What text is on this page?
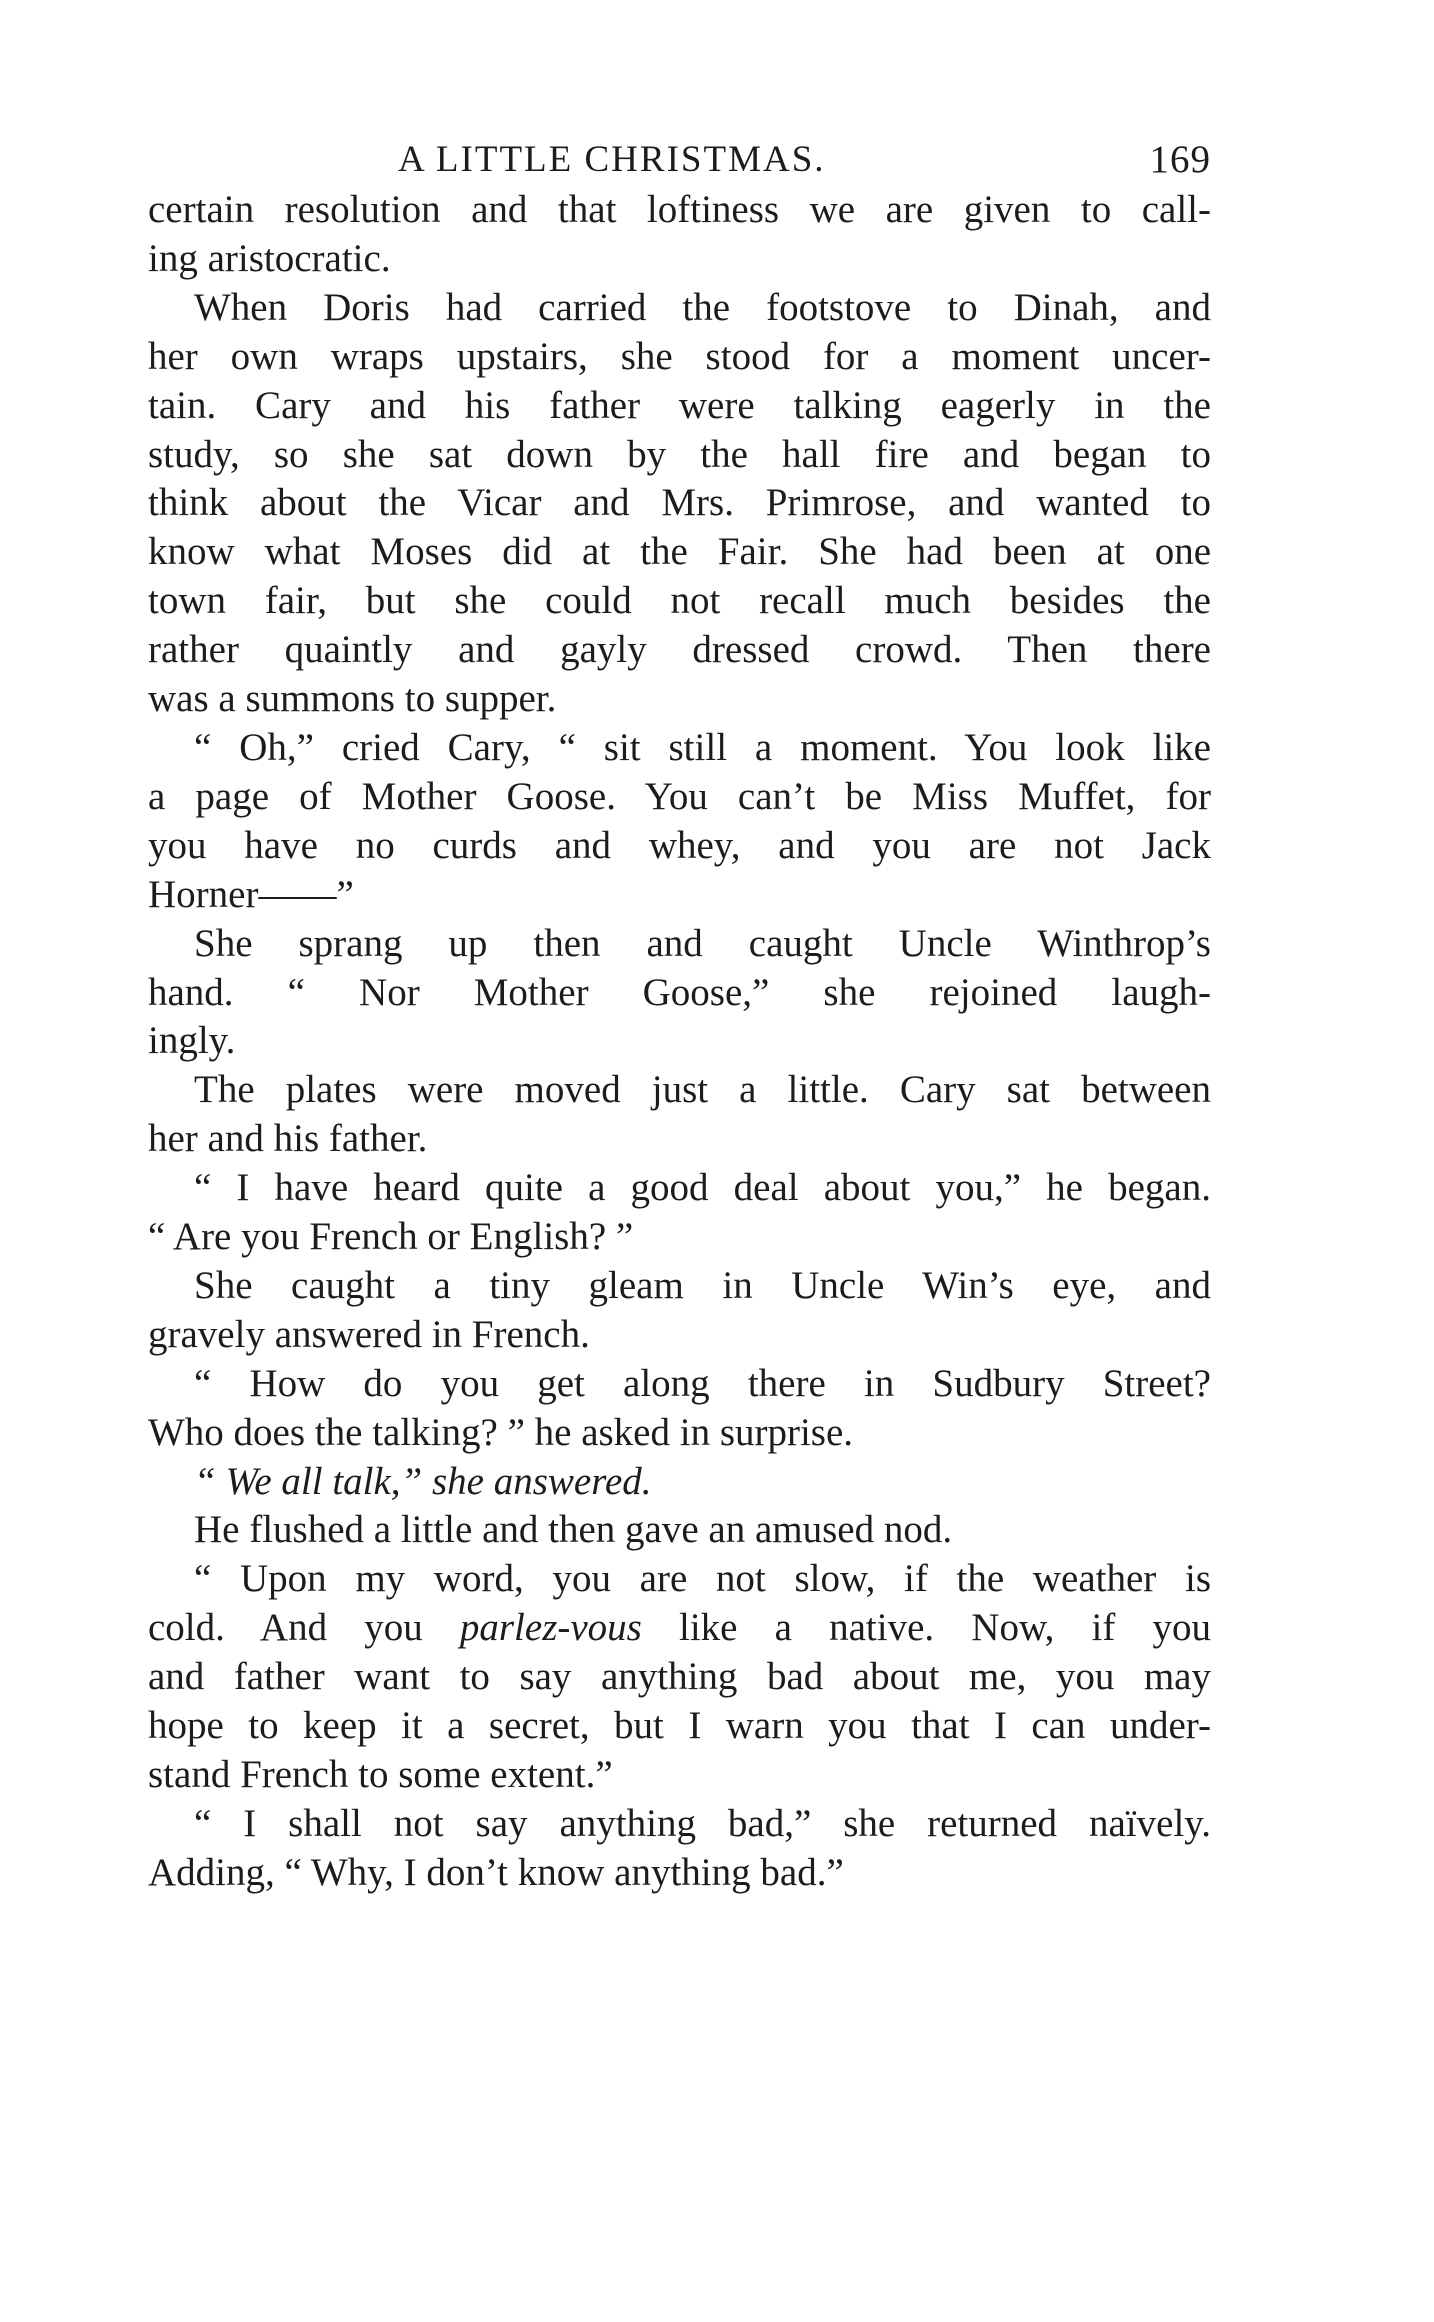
A LITTLE CHRISTMAS.	169
certain resolution and that loftiness we are given to call-
ing aristocratic.
When Doris had carried the footstove to Dinah, and
her own wraps upstairs, she stood for a moment uncer-
tain. Cary and his father were talking eagerly in the
study, so she sat down by the hall fire and began to
think about the Vicar and Mrs. Primrose, and wanted to
know what Moses did at the Fair. She had been at one
town fair, but she could not recall much besides the
rather quaintly and gayly dressed crowd. Then there
was a summons to supper.
“ Oh,” cried Cary, “ sit still a moment. You look like
a page of Mother Goose. You can’t be Miss Muffet, for
you have no curds and whey, and you are not Jack
Horner——”
She sprang up then and caught Uncle Winthrop’s
hand. “ Nor Mother Goose,” she rejoined laugh-
ingly.
The plates were moved just a little. Cary sat between
her and his father.
“ I have heard quite a good deal about you,” he began.
“ Are you French or English? ”
She caught a tiny gleam in Uncle Win’s eye, and
gravely answered in French.
“ How do you get along there in Sudbury Street?
Who does the talking? ” he asked in surprise.
“ We all talk,” she answered.
He flushed a little and then gave an amused nod.
“ Upon my word, you are not slow, if the weather is
cold. And you parlez-vous like a native. Now, if you
and father want to say anything bad about me, you may
hope to keep it a secret, but I warn you that I can under-
stand French to some extent.”
“ I shall not say anything bad,” she returned naïvely.
Adding, “ Why, I don’t know anything bad.”
